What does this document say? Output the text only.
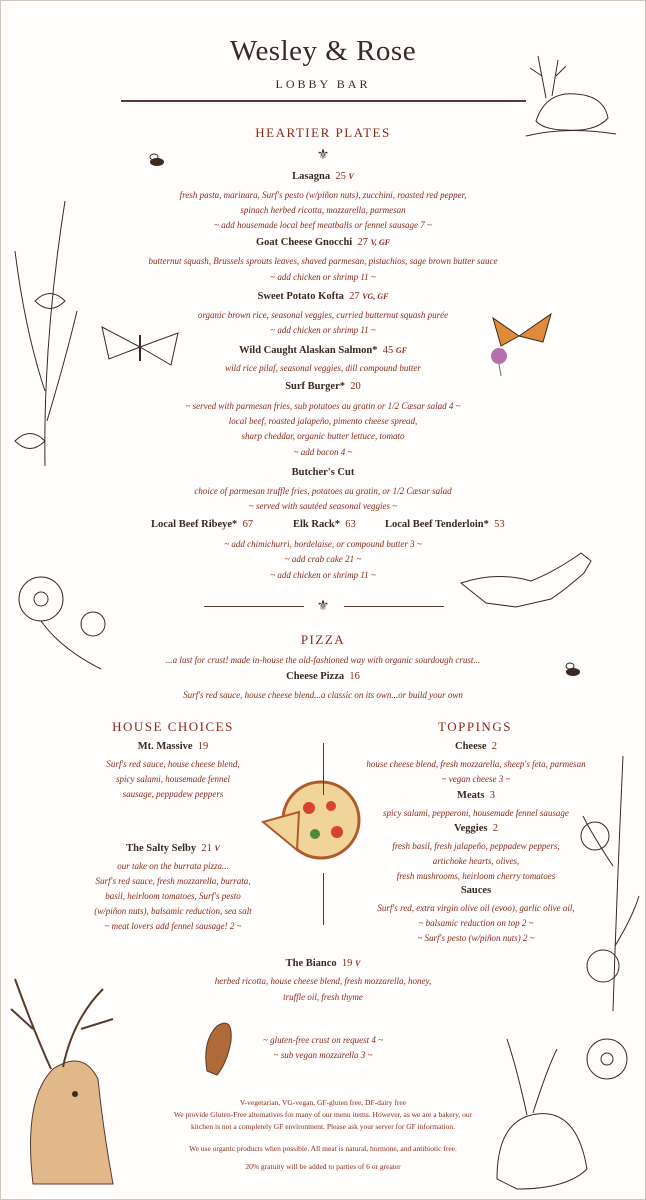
Wesley & Rose
LOBBY BAR
HEARTIER PLATES
⚜
Lasagna 25 V
fresh pasta, marinara, Surf's pesto (w/piñon nuts), zucchini, roasted red pepper,
spinach herbed ricotta, mozzarella, parmesan
~ add housemade local beef meatballs or fennel sausage 7 ~
Goat Cheese Gnocchi 27 V, GF
butternut squash, Brussels sprouts leaves, shaved parmesan, pistachios, sage brown butter sauce
~ add chicken or shrimp 11 ~
Sweet Potato Kofta 27 VG, GF
organic brown rice, seasonal veggies, curried butternut squash purée
~ add chicken or shrimp 11 ~
Wild Caught Alaskan Salmon* 45 GF
wild rice pilaf, seasonal veggies, dill compound butter
Surf Burger* 20
~ served with parmesan fries, sub potatoes au gratin or 1/2 Cæsar salad 4 ~
local beef, roasted jalapeño, pimento cheese spread,
sharp cheddar, organic butter lettuce, tomato
~ add bacon 4 ~
Butcher's Cut
choice of parmesan truffle fries, potatoes au gratin, or 1/2 Cæsar salad
~ served with sautéed seasonal veggies ~
Local Beef Ribeye* 67	Elk Rack* 63	Local Beef Tenderloin* 53
~ add chimichurri, bordelaise, or compound butter 3 ~
~ add crab cake 21 ~
~ add chicken or shrimp 11 ~
⚜
PIZZA
...a lust for crust! made in-house the old-fashioned way with organic sourdough crust...
Cheese Pizza 16
Surf's red sauce, house cheese blend...a classic on its own...or build your own
HOUSE CHOICES
Mt. Massive 19
Surf's red sauce, house cheese blend,
spicy salami, housemade fennel
sausage, peppadew peppers
The Salty Selby 21 V
our take on the burrata pizza...
Surf's red sauce, fresh mozzarella, burrata,
basil, heirloom tomatoes, Surf's pesto
(w/piñon nuts), balsamic reduction, sea salt
~ meat lovers add fennel sausage! 2 ~
TOPPINGS
Cheese 2
house cheese blend, fresh mozzarella, sheep's feta, parmesan
~ vegan cheese 3 ~
Meats 3
spicy salami, pepperoni, housemade fennel sausage
Veggies 2
fresh basil, fresh jalapeño, peppadew peppers,
artichoke hearts, olives,
fresh mushrooms, heirloom cherry tomatoes
Sauces
Surf's red, extra virgin olive oil (evoo), garlic olive oil,
~ balsamic reduction on top 2 ~
~ Surf's pesto (w/piñon nuts) 2 ~
The Bianco 19 V
herbed ricotta, house cheese blend, fresh mozzarella, honey,
truffle oil, fresh thyme
~ gluten-free crust on request 4 ~
~ sub vegan mozzarella 3 ~
V-vegetarian, VG-vegan, GF-gluten free, DF-dairy free
We provide Gluten-Free alternatives for many of our menu items. However, as we are a bakery, our
kitchen is not a completely GF environment. Please ask your server for GF information.
We use organic products when possible. All meat is natural, hormone, and antibiotic free.
20% gratuity will be added to parties of 6 or greater
